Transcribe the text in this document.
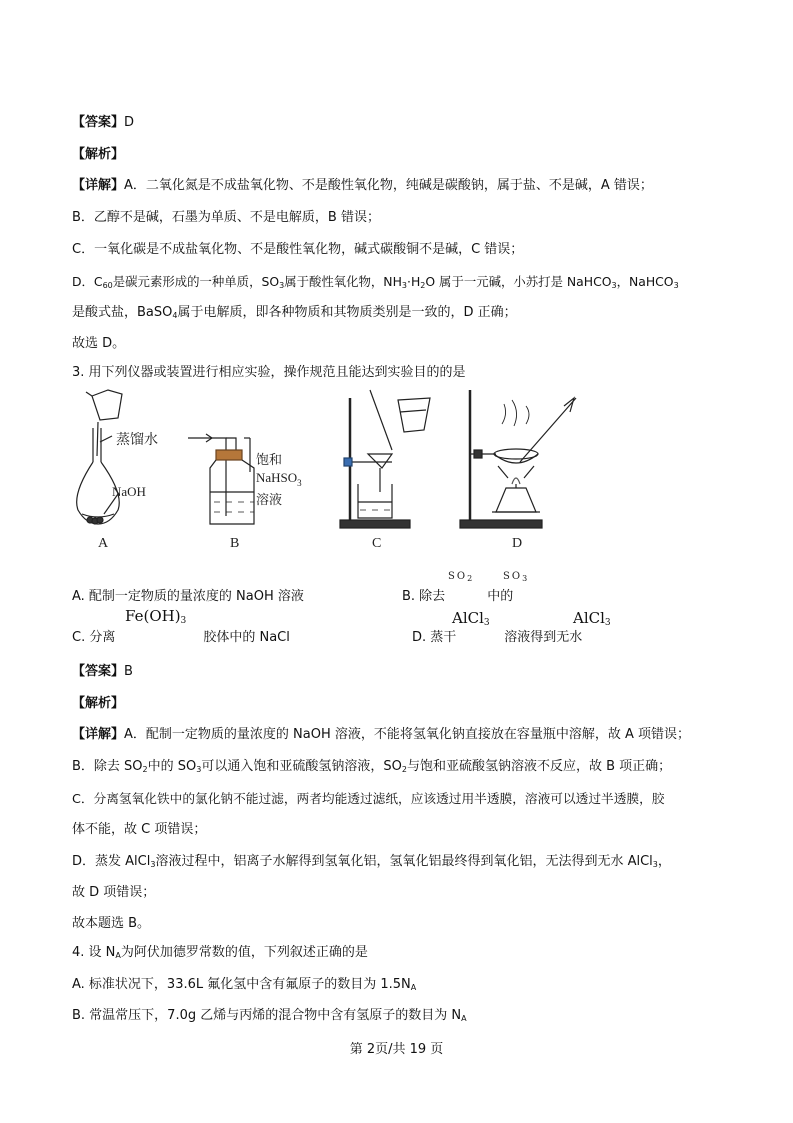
【答案】D
【解析】
【详解】A．二氧化氮是不成盐氧化物、不是酸性氧化物，纯碱是碳酸钠，属于盐、不是碱，A 错误；
B．乙醇不是碱，石墨为单质、不是电解质，B 错误；
C．一氧化碳是不成盐氧化物、不是酸性氧化物，碱式碳酸铜不是碱，C 错误；
D．$C_{60}$是碳元素形成的一种单质，$SO_3$属于酸性氧化物，$NH_3\cdot H_2O$ 属于一元碱，小苏打是 NaHCO$_3$，NaHCO$_3$
是酸式盐，BaSO$_4$属于电解质，即各种物质和其物质类别是一致的，D 正确；
故选 D。
3. 用下列仪器或装置进行相应实验，操作规范且能达到实验目的的是
蒸馏水
NaOH
饱和
NaHSO$_3$
溶液
A	B	C	D
$SO_2$	$SO_3$
A. 配制一定物质的量浓度的 NaOH 溶液	B. 除去	中的
$Fe(OH)_3$	AlCl$_3$	AlCl$_3$
C. 分离	胶体中的 NaCl	D. 蒸干	溶液得到无水
【答案】B
【解析】
【详解】A．配制一定物质的量浓度的 NaOH 溶液，不能将氢氧化钠直接放在容量瓶中溶解，故 A 项错误；
B．除去 $SO_2$中的 $SO_3$可以通入饱和亚硫酸氢钠溶液，$SO_2$与饱和亚硫酸氢钠溶液不反应，故 B 项正确；
C．分离氢氧化铁中的氯化钠不能过滤，两者均能透过滤纸，应该透过用半透膜，溶液可以透过半透膜，胶
体不能，故 C 项错误；
D．蒸发 AlCl$_3$溶液过程中，铝离子水解得到氢氧化铝，氢氧化铝最终得到氧化铝，无法得到无水 AlCl$_3$，
故 D 项错误；
故本题选 B。
4. 设 $N_A$为阿伏加德罗常数的值，下列叙述正确的是
A. 标准状况下，33.6L 氟化氢中含有氟原子的数目为 $1.5N_A$
B. 常温常压下，7.0g 乙烯与丙烯的混合物中含有氢原子的数目为 $N_A$
第 2页/共 19 页
